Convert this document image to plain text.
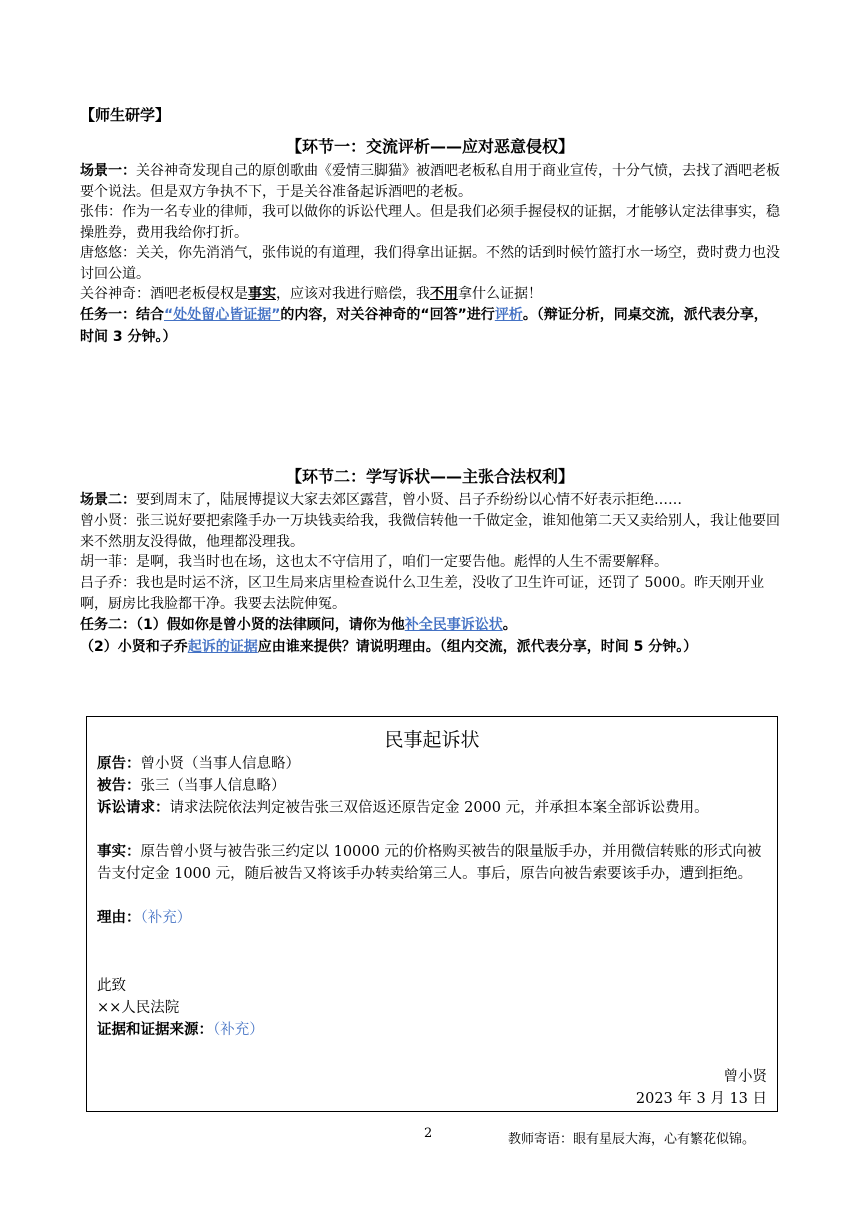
【师生研学】
【环节一：交流评析——应对恶意侵权】
场景一：关谷神奇发现自己的原创歌曲《爱情三脚猫》被酒吧老板私自用于商业宣传，十分气愤，去找了酒吧老板要个说法。但是双方争执不下，于是关谷准备起诉酒吧的老板。
张伟：作为一名专业的律师，我可以做你的诉讼代理人。但是我们必须手握侵权的证据，才能够认定法律事实，稳操胜券，费用我给你打折。
唐悠悠：关关，你先消消气，张伟说的有道理，我们得拿出证据。不然的话到时候竹篮打水一场空，费时费力也没讨回公道。
关谷神奇：酒吧老板侵权是事实，应该对我进行赔偿，我不用拿什么证据！
任务一：结合“处处留心皆证据”的内容，对关谷神奇的“回答”进行评析。（辩证分析，同桌交流，派代表分享，时间 3 分钟。）
【环节二：学写诉状——主张合法权利】
场景二：要到周末了，陆展博提议大家去郊区露营，曾小贤、吕子乔纷纷以心情不好表示拒绝……
曾小贤：张三说好要把索隆手办一万块钱卖给我，我微信转他一千做定金，谁知他第二天又卖给别人，我让他要回来不然朋友没得做，他理都没理我。
胡一菲：是啊，我当时也在场，这也太不守信用了，咱们一定要告他。彪悍的人生不需要解释。
吕子乔：我也是时运不济，区卫生局来店里检查说什么卫生差，没收了卫生许可证，还罚了 5000。昨天刚开业啊，厨房比我脸都干净。我要去法院伸冤。
任务二：（1）假如你是曾小贤的法律顾问，请你为他补全民事诉讼状。
（2）小贤和子乔起诉的证据应由谁来提供？请说明理由。（组内交流，派代表分享，时间 5 分钟。）
民事起诉状
原告：曾小贤（当事人信息略）
被告：张三（当事人信息略）
诉讼请求：请求法院依法判定被告张三双倍返还原告定金 2000 元，并承担本案全部诉讼费用。
事实：原告曾小贤与被告张三约定以 10000 元的价格购买被告的限量版手办，并用微信转账的形式向被告支付定金 1000 元，随后被告又将该手办转卖给第三人。事后，原告向被告索要该手办，遭到拒绝。
理由：（补充）
此致
××人民法院
证据和证据来源：（补充）
曾小贤
2023 年 3 月 13 日
2	教师寄语：眼有星辰大海，心有繁花似锦。
